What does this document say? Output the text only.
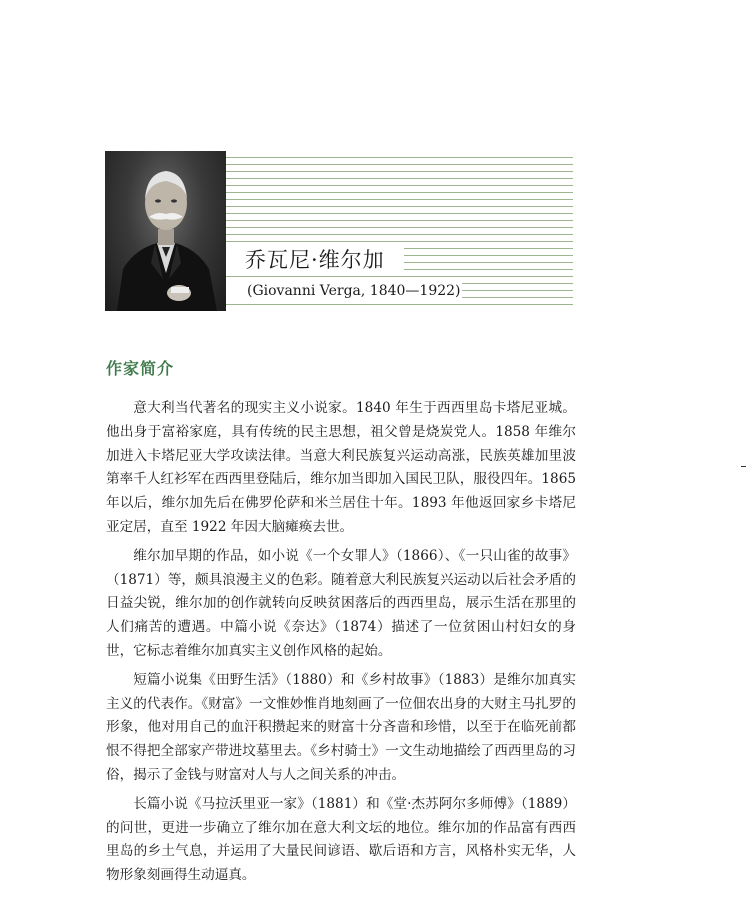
乔瓦尼·维尔加
(Giovanni Verga, 1840—1922)
作家简介

意大利当代著名的现实主义小说家。1840 年生于西西里岛卡塔尼亚城。他出身于富裕家庭，具有传统的民主思想，祖父曾是烧炭党人。1858 年维尔加进入卡塔尼亚大学攻读法律。当意大利民族复兴运动高涨，民族英雄加里波第率千人红衫军在西西里登陆后，维尔加当即加入国民卫队，服役四年。1865 年以后，维尔加先后在佛罗伦萨和米兰居住十年。1893 年他返回家乡卡塔尼亚定居，直至 1922 年因大脑瘫痪去世。

维尔加早期的作品，如小说《一个女罪人》（1866）、《一只山雀的故事》（1871）等，颇具浪漫主义的色彩。随着意大利民族复兴运动以后社会矛盾的日益尖锐，维尔加的创作就转向反映贫困落后的西西里岛，展示生活在那里的人们痛苦的遭遇。中篇小说《奈达》（1874）描述了一位贫困山村妇女的身世，它标志着维尔加真实主义创作风格的起始。

短篇小说集《田野生活》（1880）和《乡村故事》（1883）是维尔加真实主义的代表作。《财富》一文惟妙惟肖地刻画了一位佃农出身的大财主马扎罗的形象，他对用自己的血汗积攒起来的财富十分吝啬和珍惜，以至于在临死前都恨不得把全部家产带进坟墓里去。《乡村骑士》一文生动地描绘了西西里岛的习俗，揭示了金钱与财富对人与人之间关系的冲击。

长篇小说《马拉沃里亚一家》（1881）和《堂·杰苏阿尔多师傅》（1889）的问世，更进一步确立了维尔加在意大利文坛的地位。维尔加的作品富有西西里岛的乡土气息，并运用了大量民间谚语、歇后语和方言，风格朴实无华，人物形象刻画得生动逼真。
